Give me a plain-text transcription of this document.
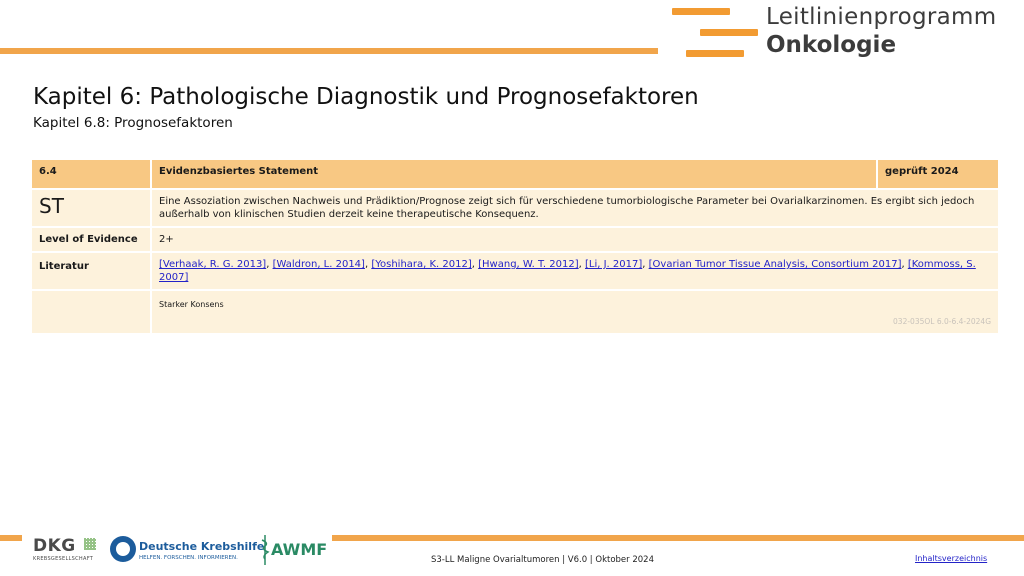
Leitlinienprogramm
Onkologie
Kapitel 6: Pathologische Diagnostik und Prognosefaktoren
Kapitel 6.8: Prognosefaktoren
6.4	Evidenzbasiertes Statement	geprüft 2024

ST	Eine Assoziation zwischen Nachweis und Prädiktion/Prognose zeigt sich für verschiedene tumorbiologische Parameter bei Ovarialkarzinomen. Es ergibt sich jedoch außerhalb von klinischen Studien derzeit keine therapeutische Konsequenz.	
Level of Evidence	2+	
Literatur	[Verhaak, R. G. 2013], [Waldron, L. 2014], [Yoshihara, K. 2012], [Hwang, W. T. 2012], [Li, J. 2017], [Ovarian Tumor Tissue Analysis, Consortium 2017], [Kommoss, S. 2007]	

	Starker Konsens
032-035OL 6.0-6.4-2024G	
DKG
KREBSGESELLSCHAFT
Deutsche Krebshilfe
HELFEN. FORSCHEN. INFORMIEREN. AWMF
S3-LL Maligne Ovarialtumoren | V6.0 | Oktober 2024	Inhaltsverzeichnis
